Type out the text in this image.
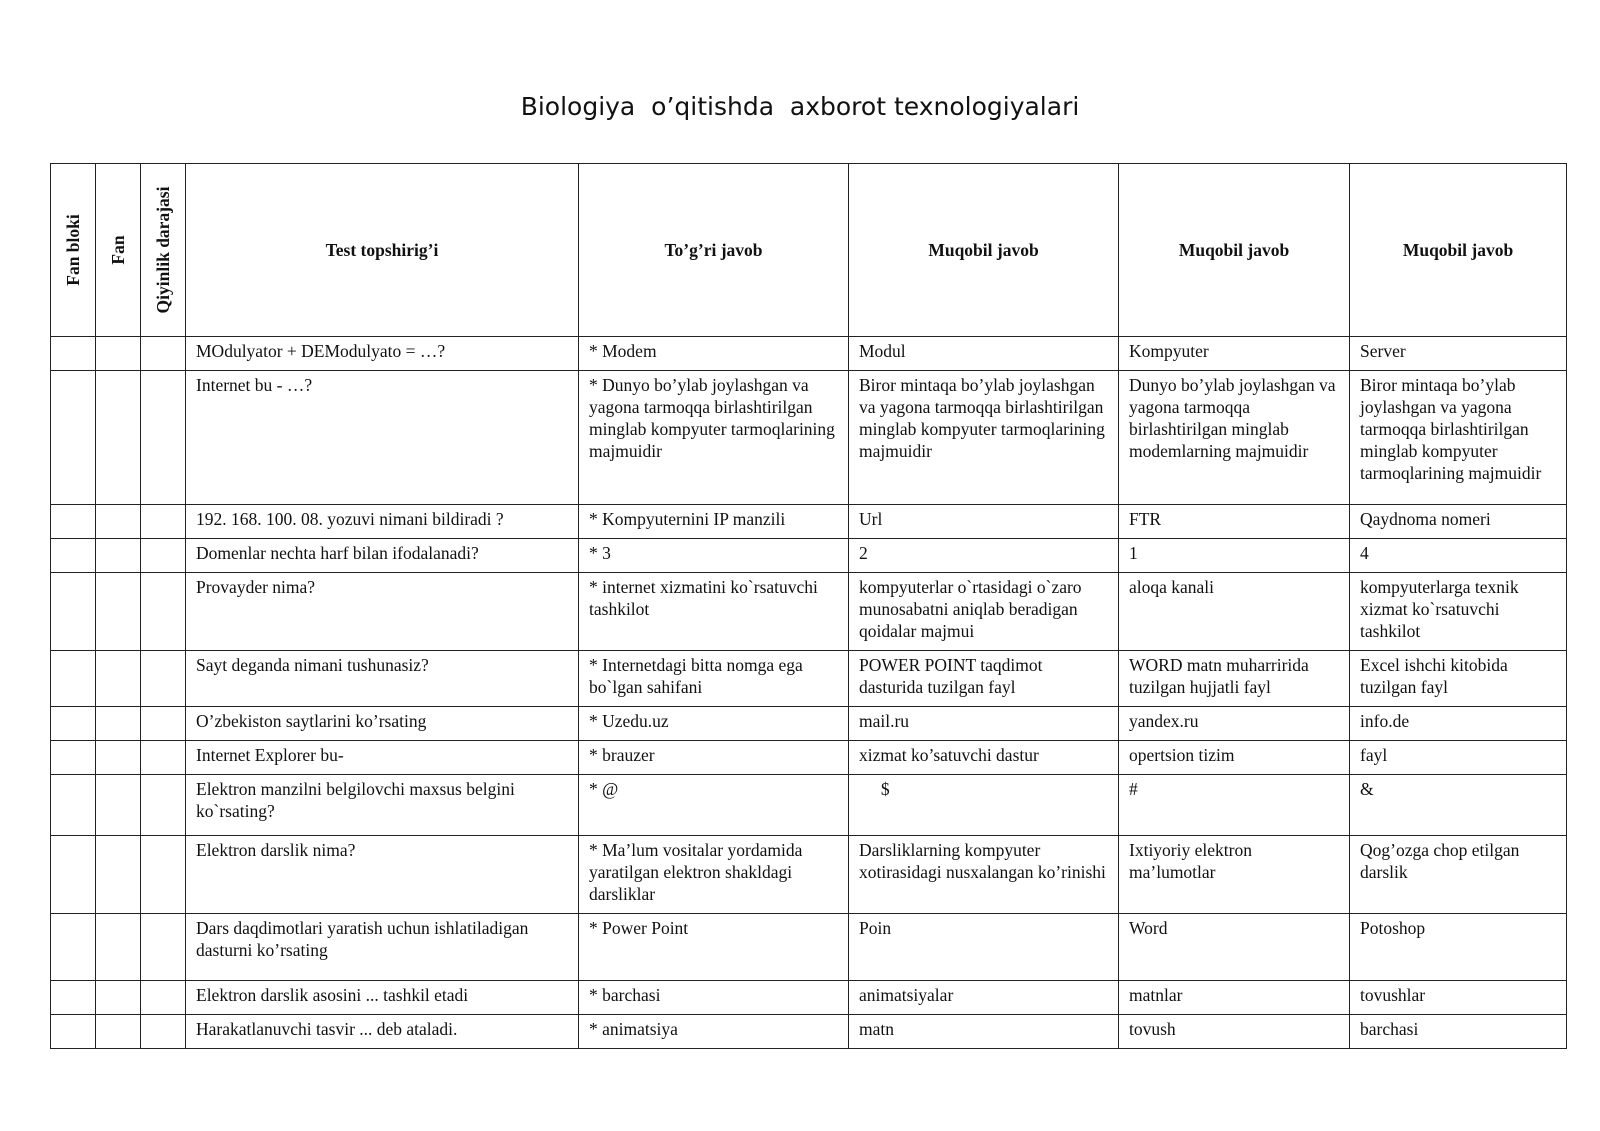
Biologiya  o’qitishda  axborot texnologiyalari
Fan bloki	Fan	Qiyinlik darajasi	Test topshirig’i	To’g’ri javob	Muqobil javob	Muqobil javob	Muqobil javob
			MOdulyator + DEModulyato = …?	* Modem	Modul	Kompyuter	Server
			Internet bu - …?	* Dunyo bo’ylab joylashgan va yagona tarmoqqa birlashtirilgan minglab kompyuter tarmoqlarining majmuidir	Biror mintaqa bo’ylab joylashgan va yagona tarmoqqa birlashtirilgan minglab kompyuter tarmoqlarining majmuidir	Dunyo bo’ylab joylashgan va yagona tarmoqqa birlashtirilgan minglab modemlarning majmuidir	Biror mintaqa bo’ylab joylashgan va yagona tarmoqqa birlashtirilgan minglab kompyuter tarmoqlarining majmuidir
			192. 168. 100. 08. yozuvi nimani bildiradi ?	* Kompyuternini IP manzili	Url	FTR	Qaydnoma nomeri
			Domenlar nechta harf bilan ifodalanadi?	* 3	2	1	4
			Provayder nima?	* internet xizmatini ko`rsatuvchi tashkilot	kompyuterlar o`rtasidagi o`zaro munosabatni aniqlab beradigan qoidalar majmui	aloqa kanali	kompyuterlarga texnik xizmat ko`rsatuvchi tashkilot
			Sayt deganda nimani tushunasiz?	* Internetdagi bitta nomga ega bo`lgan sahifani	POWER POINT taqdimot dasturida tuzilgan fayl	WORD matn muharririda tuzilgan hujjatli fayl	Excel ishchi kitobida tuzilgan fayl
			O’zbekiston saytlarini ko’rsating	* Uzedu.uz	mail.ru	yandex.ru	info.de
			Internet Explorer bu-	* brauzer	xizmat ko’satuvchi dastur	opertsion tizim	fayl
			Elektron manzilni belgilovchi maxsus belgini ko`rsating?	* @	$	#	&
			Elektron darslik nima?	* Ma’lum vositalar yordamida yaratilgan elektron shakldagi darsliklar	Darsliklarning kompyuter xotirasidagi nusxalangan ko’rinishi	Ixtiyoriy elektron ma’lumotlar	Qog’ozga chop etilgan darslik
			Dars daqdimotlari yaratish uchun ishlatiladigan dasturni ko’rsating	* Power Point	Poin	Word	Potoshop
			Elektron darslik asosini ... tashkil etadi	* barchasi	animatsiyalar	matnlar	tovushlar
			Harakatlanuvchi tasvir ... deb ataladi.	* animatsiya	matn	tovush	barchasi
